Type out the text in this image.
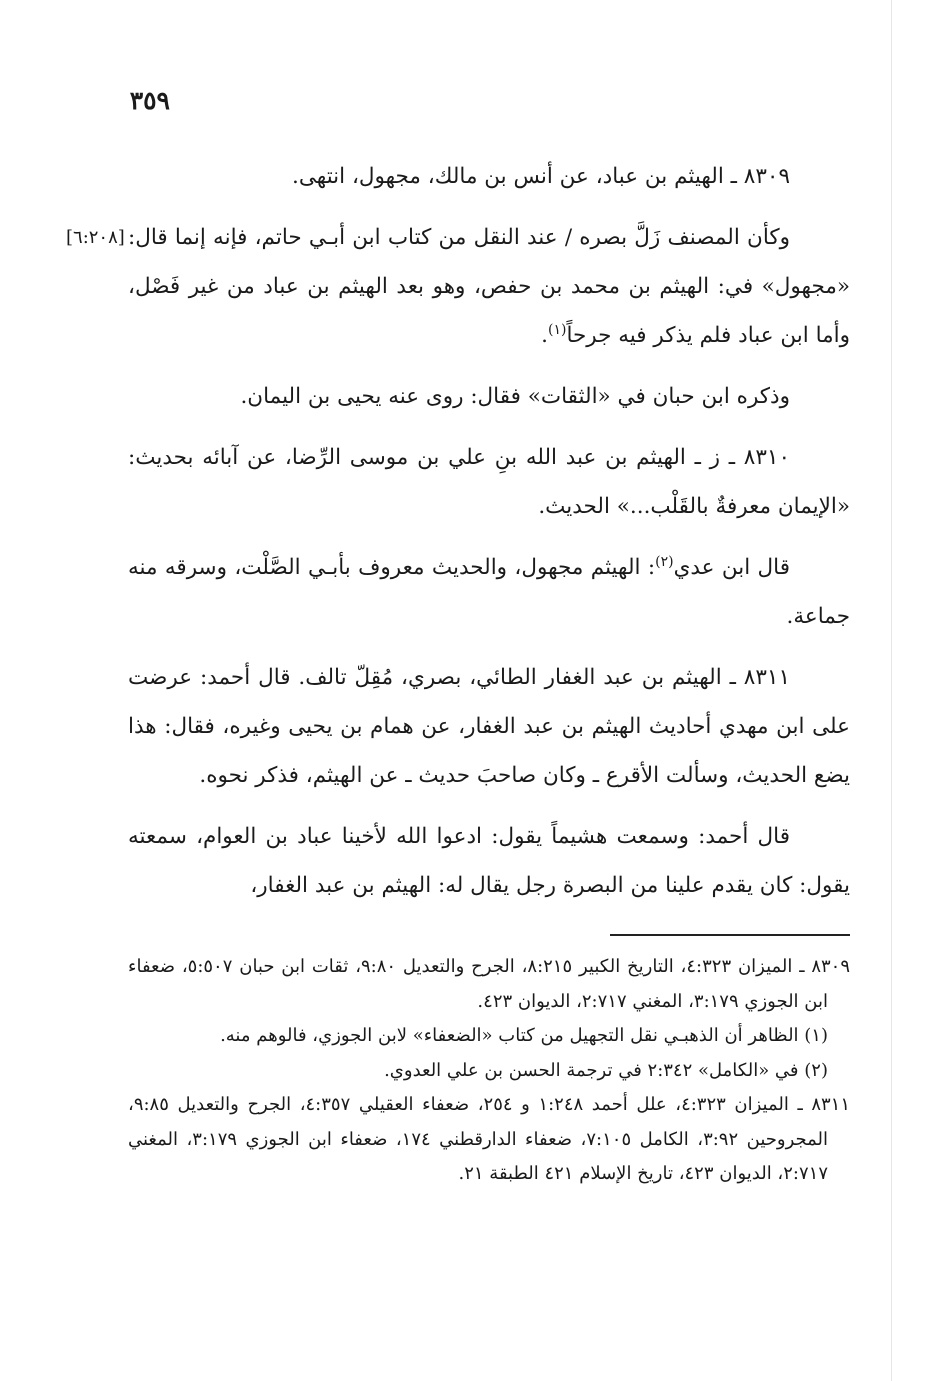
٣٥٩

٨٣٠٩ ـ الهيثم بن عباد، عن أنس بن مالك، مجهول، انتهى.

[٦:٢٠٨] وكأن المصنف زَلَّ بصره / عند النقل من كتاب ابن أبـي حاتم، فإنه إنما قال: «مجهول» في: الهيثم بن محمد بن حفص، وهو بعد الهيثم بن عباد من غير فَصْل، وأما ابن عباد فلم يذكر فيه جرحاً$^{(١)}$.

وذكره ابن حبان في «الثقات» فقال: روى عنه يحيى بن اليمان.

٨٣١٠ ـ ز ـ الهيثم بن عبد الله بنِ علي بن موسى الرِّضا، عن آبائه بحديث: «الإيمان معرفةٌ بالقَلْب...» الحديث.

قال ابن عدي$^{(٢)}$: الهيثم مجهول، والحديث معروف بأبـي الصَّلْت، وسرقه منه جماعة.

٨٣١١ ـ الهيثم بن عبد الغفار الطائي، بصري، مُقِلّ تالف. قال أحمد: عرضت على ابن مهدي أحاديث الهيثم بن عبد الغفار، عن همام بن يحيى وغيره، فقال: هذا يضع الحديث، وسألت الأقرع ـ وكان صاحبَ حديث ـ عن الهيثم، فذكر نحوه.

قال أحمد: وسمعت هشيماً يقول: ادعوا الله لأخينا عباد بن العوام، سمعته يقول: كان يقدم علينا من البصرة رجل يقال له: الهيثم بن عبد الغفار،

٨٣٠٩ ـ الميزان ٤:٣٢٣، التاريخ الكبير ٨:٢١٥، الجرح والتعديل ٩:٨٠، ثقات ابن حبان ٥:٥٠٧، ضعفاء ابن الجوزي ٣:١٧٩، المغني ٢:٧١٧، الديوان ٤٢٣.

(١) الظاهر أن الذهبـي نقل التجهيل من كتاب «الضعفاء» لابن الجوزي، فالوهم منه.

(٢) في «الكامل» ٢:٣٤٢ في ترجمة الحسن بن علي العدوي.

٨٣١١ ـ الميزان ٤:٣٢٣، علل أحمد ١:٢٤٨ و ٢٥٤، ضعفاء العقيلي ٤:٣٥٧، الجرح والتعديل ٩:٨٥، المجروحين ٣:٩٢، الكامل ٧:١٠٥، ضعفاء الدارقطني ١٧٤، ضعفاء ابن الجوزي ٣:١٧٩، المغني ٢:٧١٧، الديوان ٤٢٣، تاريخ الإسلام ٤٢١ الطبقة ٢١.
